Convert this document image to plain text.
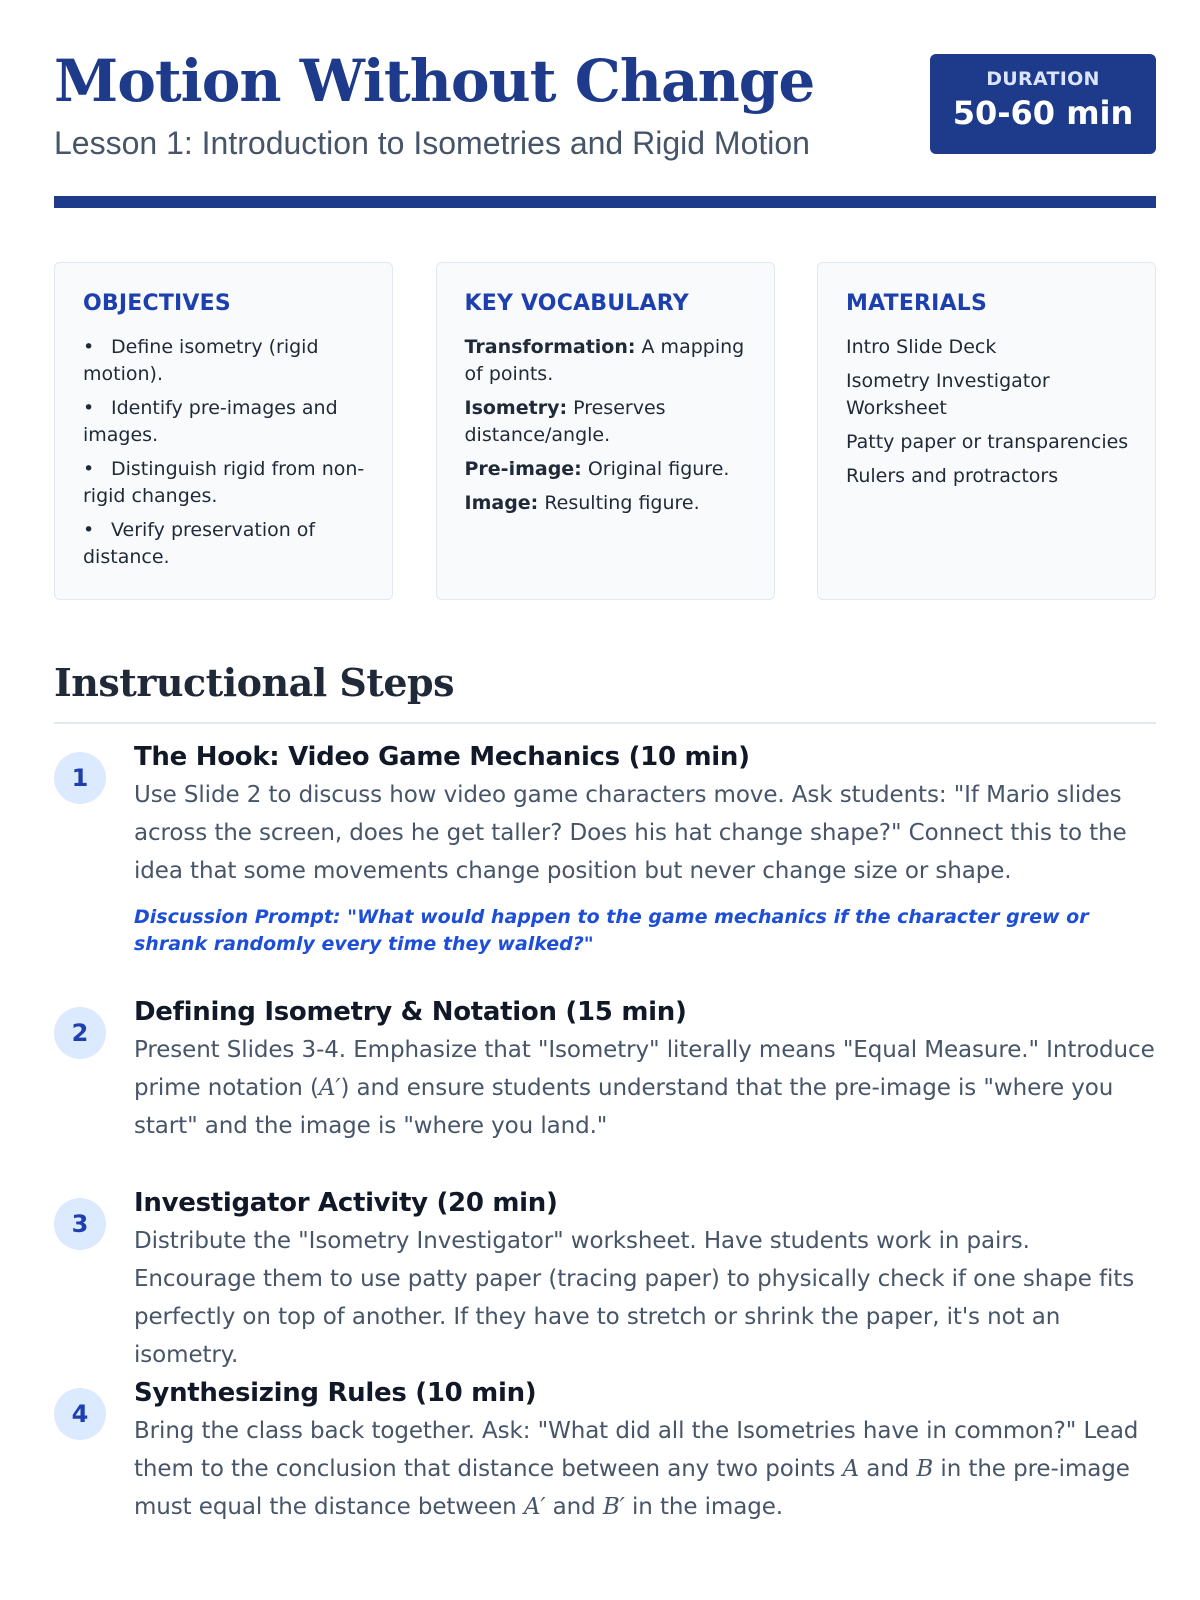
Motion Without Change

Lesson 1: Introduction to Isometries and Rigid Motion

DURATION
50-60 min
OBJECTIVES
• Define isometry (rigid motion).
• Identify pre-images and images.
• Distinguish rigid from non-rigid changes.
• Verify preservation of distance.
KEY VOCABULARY
Transformation: A mapping of points.
Isometry: Preserves distance/angle.
Pre-image: Original figure.
Image: Resulting figure.
MATERIALS
Intro Slide Deck
Isometry Investigator Worksheet
Patty paper or transparencies
Rulers and protractors
Instructional Steps
1
The Hook: Video Game Mechanics (10 min)

Use Slide 2 to discuss how video game characters move. Ask students: "If Mario slides across the screen, does he get taller? Does his hat change shape?" Connect this to the idea that some movements change position but never change size or shape.

Discussion Prompt: "What would happen to the game mechanics if the character grew or shrank randomly every time they walked?"

2
Defining Isometry & Notation (15 min)

Present Slides 3-4. Emphasize that "Isometry" literally means "Equal Measure." Introduce prime notation (A′) and ensure students understand that the pre-image is "where you start" and the image is "where you land."

3
Investigator Activity (20 min)

Distribute the "Isometry Investigator" worksheet. Have students work in pairs. Encourage them to use patty paper (tracing paper) to physically check if one shape fits perfectly on top of another. If they have to stretch or shrink the paper, it's not an isometry.

4
Synthesizing Rules (10 min)

Bring the class back together. Ask: "What did all the Isometries have in common?" Lead them to the conclusion that distance between any two points A and B in the pre-image must equal the distance between A′ and B′ in the image.
